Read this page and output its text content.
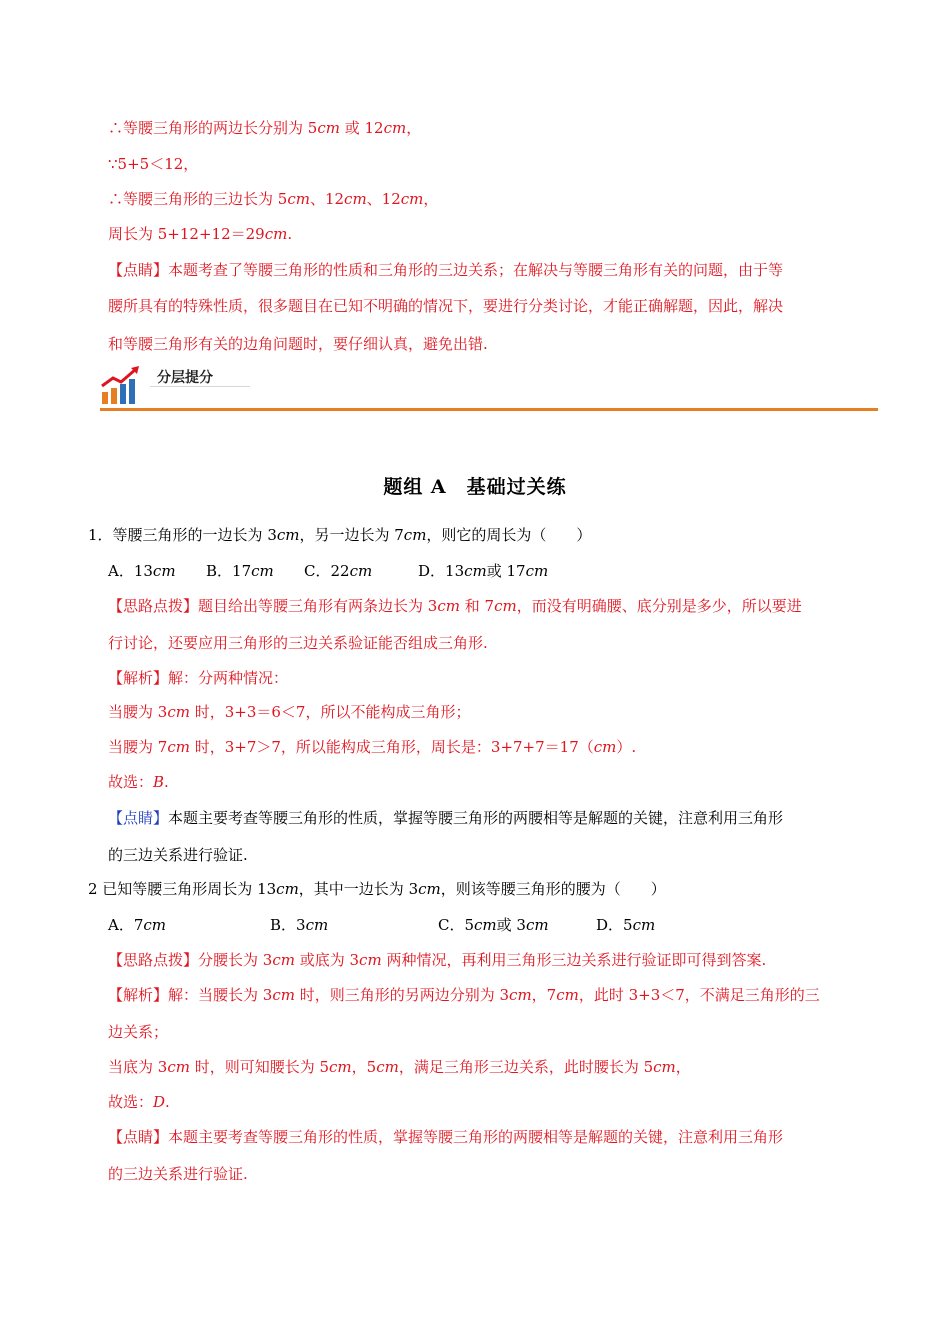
∴等腰三角形的两边长分别为 5cm 或 12cm，
∵5+5＜12，
∴等腰三角形的三边长为 5cm、12cm、12cm，
周长为 5+12+12＝29cm.
【点睛】本题考查了等腰三角形的性质和三角形的三边关系；在解决与等腰三角形有关的问题，由于等
腰所具有的特殊性质，很多题目在已知不明确的情况下，要进行分类讨论，才能正确解题，因此，解决
和等腰三角形有关的边角问题时，要仔细认真，避免出错.
分层提分
题组 A　基础过关练
1．等腰三角形的一边长为 3cm，另一边长为 7cm，则它的周长为（　　）
A．13cm B．17cm C．22cm	D．13cm或 17cm
【思路点拨】题目给出等腰三角形有两条边长为 3cm 和 7cm，而没有明确腰、底分别是多少，所以要进
行讨论，还要应用三角形的三边关系验证能否组成三角形.
【解析】解：分两种情况：
当腰为 3cm 时，3+3＝6＜7，所以不能构成三角形；
当腰为 7cm 时，3+7＞7，所以能构成三角形，周长是：3+7+7＝17（cm）.
故选：B.
【点睛】本题主要考查等腰三角形的性质，掌握等腰三角形的两腰相等是解题的关键，注意利用三角形
的三边关系进行验证.
2 已知等腰三角形周长为 13cm，其中一边长为 3cm，则该等腰三角形的腰为（　　）
A．7cm	B．3cm	C．5cm或 3cm	D．5cm
【思路点拨】分腰长为 3cm 或底为 3cm 两种情况，再利用三角形三边关系进行验证即可得到答案.
【解析】解：当腰长为 3cm 时，则三角形的另两边分别为 3cm，7cm，此时 3+3＜7，不满足三角形的三
边关系；
当底为 3cm 时，则可知腰长为 5cm，5cm，满足三角形三边关系，此时腰长为 5cm，
故选：D.
【点睛】本题主要考查等腰三角形的性质，掌握等腰三角形的两腰相等是解题的关键，注意利用三角形
的三边关系进行验证.
